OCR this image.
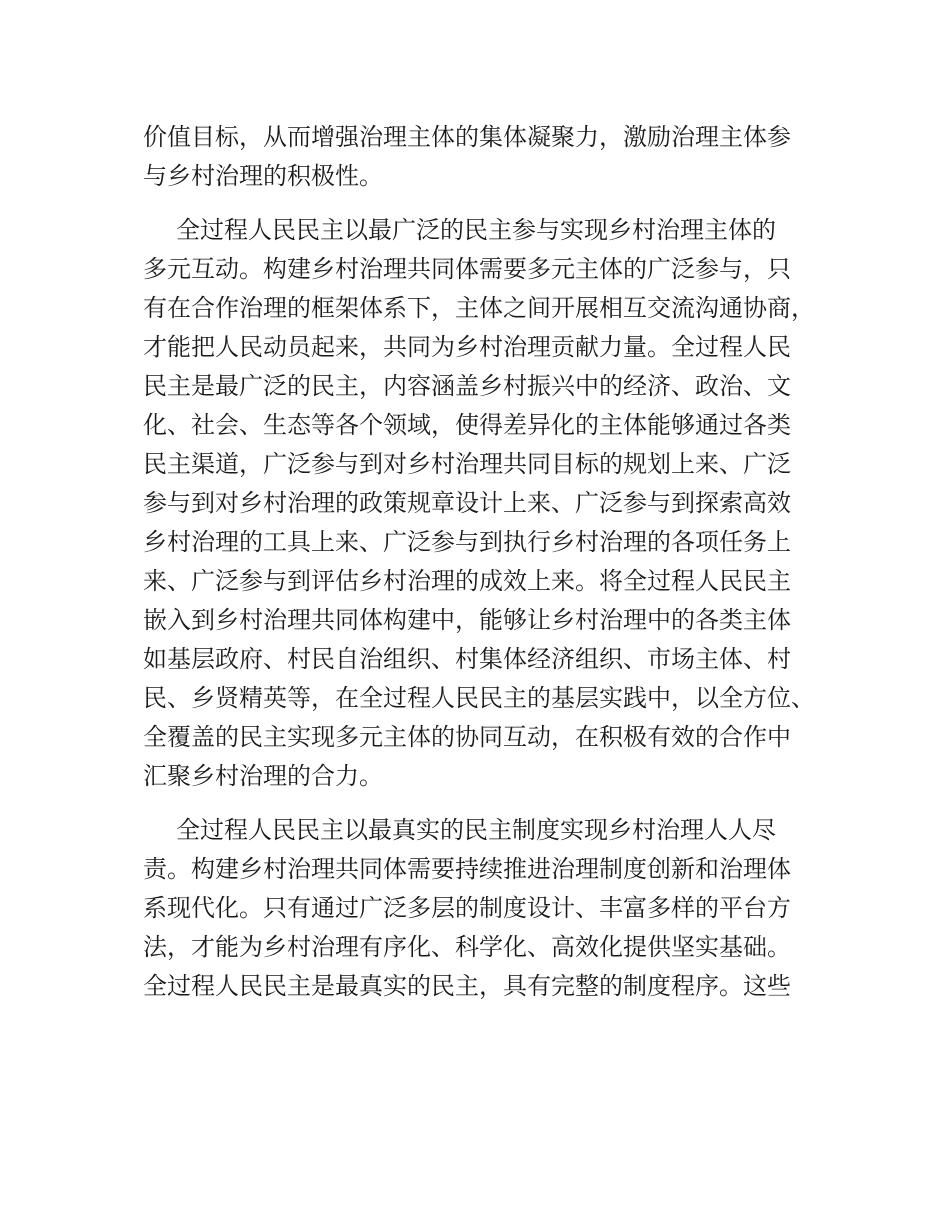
价值目标，从而增强治理主体的集体凝聚力，激励治理主体参
与乡村治理的积极性。

全过程人民民主以最广泛的民主参与实现乡村治理主体的
多元互动。构建乡村治理共同体需要多元主体的广泛参与，只
有在合作治理的框架体系下，主体之间开展相互交流沟通协商，
才能把人民动员起来，共同为乡村治理贡献力量。全过程人民
民主是最广泛的民主，内容涵盖乡村振兴中的经济、政治、文
化、社会、生态等各个领域，使得差异化的主体能够通过各类
民主渠道，广泛参与到对乡村治理共同目标的规划上来、广泛
参与到对乡村治理的政策规章设计上来、广泛参与到探索高效
乡村治理的工具上来、广泛参与到执行乡村治理的各项任务上
来、广泛参与到评估乡村治理的成效上来。将全过程人民民主
嵌入到乡村治理共同体构建中，能够让乡村治理中的各类主体
如基层政府、村民自治组织、村集体经济组织、市场主体、村
民、乡贤精英等，在全过程人民民主的基层实践中，以全方位、
全覆盖的民主实现多元主体的协同互动，在积极有效的合作中
汇聚乡村治理的合力。

全过程人民民主以最真实的民主制度实现乡村治理人人尽
责。构建乡村治理共同体需要持续推进治理制度创新和治理体
系现代化。只有通过广泛多层的制度设计、丰富多样的平台方
法，才能为乡村治理有序化、科学化、高效化提供坚实基础。
全过程人民民主是最真实的民主，具有完整的制度程序。这些
